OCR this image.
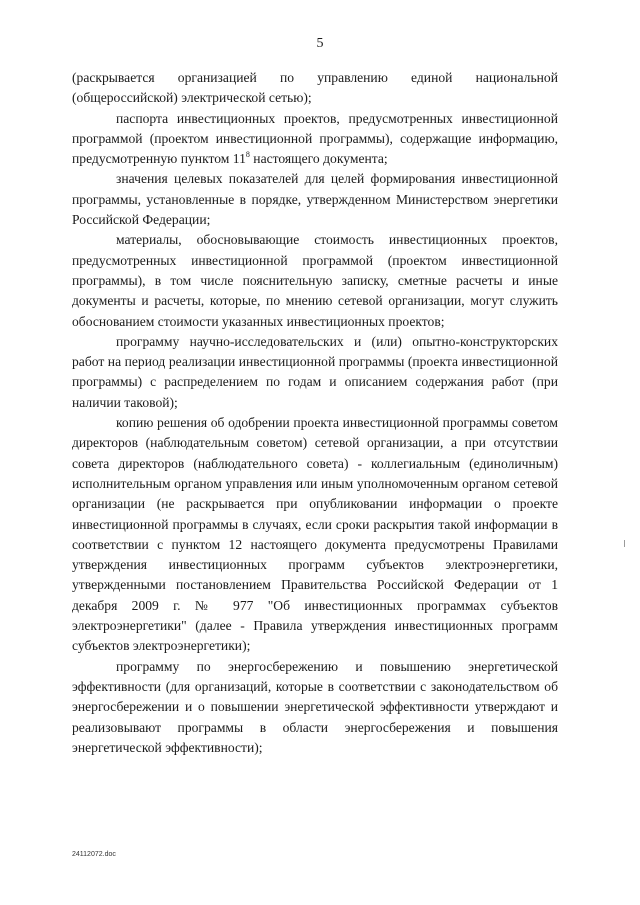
5

(раскрывается организацией по управлению единой национальной (общероссийской) электрической сетью);

паспорта инвестиционных проектов, предусмотренных инвестиционной программой (проектом инвестиционной программы), содержащие информацию, предусмотренную пунктом $11^8$ настоящего документа;

значения целевых показателей для целей формирования инвестиционной программы, установленные в порядке, утвержденном Министерством энергетики Российской Федерации;

материалы, обосновывающие стоимость инвестиционных проектов, предусмотренных инвестиционной программой (проектом инвестиционной программы), в том числе пояснительную записку, сметные расчеты и иные документы и расчеты, которые, по мнению сетевой организации, могут служить обоснованием стоимости указанных инвестиционных проектов;

программу научно-исследовательских и (или) опытно-конструкторских работ на период реализации инвестиционной программы (проекта инвестиционной программы) с распределением по годам и описанием содержания работ (при наличии таковой);

копию решения об одобрении проекта инвестиционной программы советом директоров (наблюдательным советом) сетевой организации, а при отсутствии совета директоров (наблюдательного совета) - коллегиальным (единоличным) исполнительным органом управления или иным уполномоченным органом сетевой организации (не раскрывается при опубликовании информации о проекте инвестиционной программы в случаях, если сроки раскрытия такой информации в соответствии с пунктом 12 настоящего документа предусмотрены Правилами утверждения инвестиционных программ субъектов электроэнергетики, утвержденными постановлением Правительства Российской Федерации от 1 декабря 2009 г. № 977 "Об инвестиционных программах субъектов электроэнергетики" (далее - Правила утверждения инвестиционных программ субъектов электроэнергетики);

программу по энергосбережению и повышению энергетической эффективности (для организаций, которые в соответствии с законодательством об энергосбережении и о повышении энергетической эффективности утверждают и реализовывают программы в области энергосбережения и повышения энергетической эффективности);

24112072.doc
